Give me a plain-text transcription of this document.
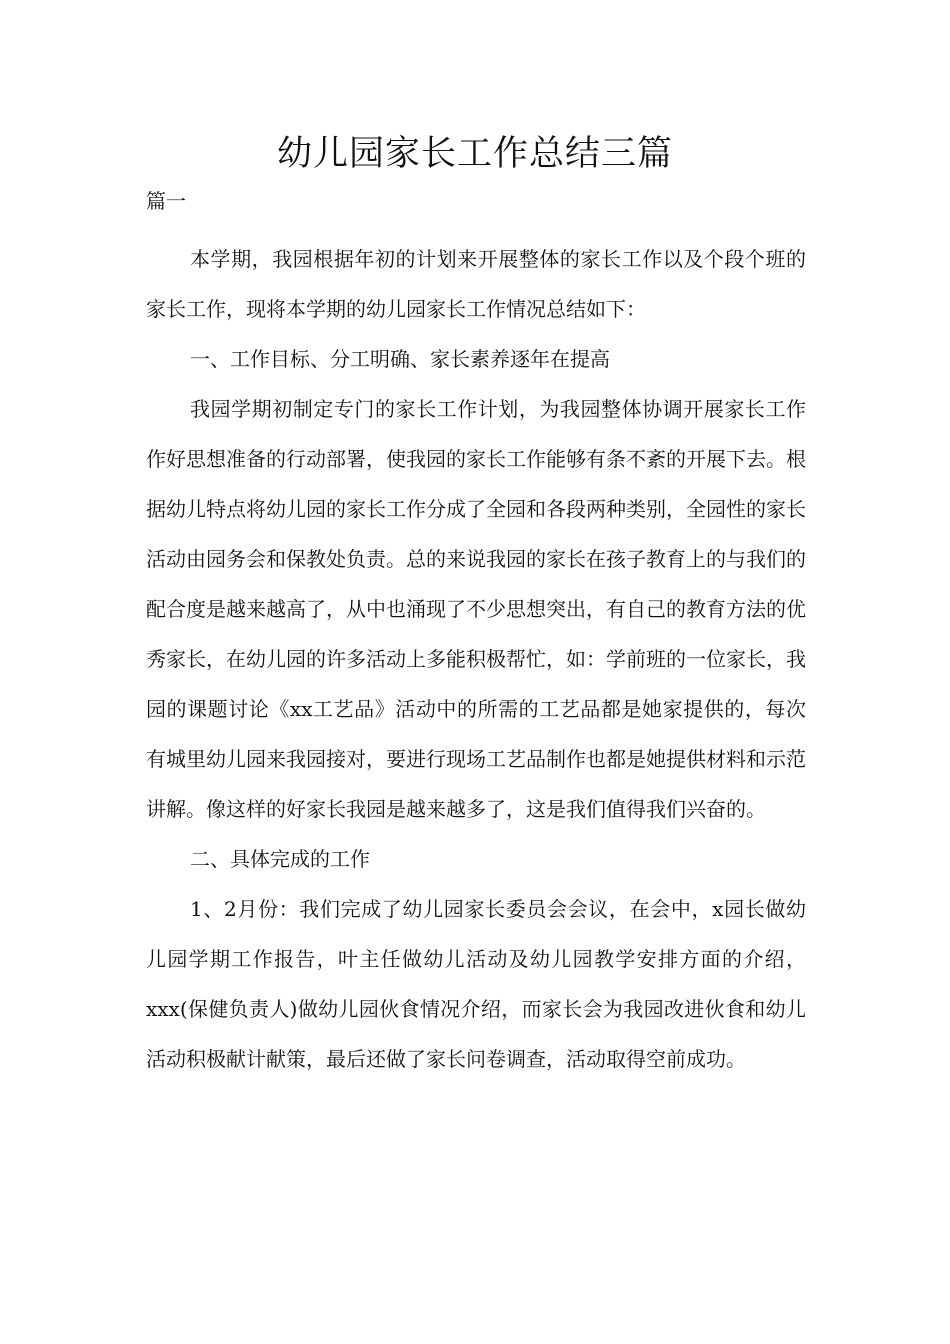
幼儿园家长工作总结三篇
篇一

本学期，我园根据年初的计划来开展整体的家长工作以及个段个班的家长工作，现将本学期的幼儿园家长工作情况总结如下：

一、工作目标、分工明确、家长素养逐年在提高

我园学期初制定专门的家长工作计划，为我园整体协调开展家长工作作好思想准备的行动部署，使我园的家长工作能够有条不紊的开展下去。根据幼儿特点将幼儿园的家长工作分成了全园和各段两种类别，全园性的家长活动由园务会和保教处负责。总的来说我园的家长在孩子教育上的与我们的配合度是越来越高了，从中也涌现了不少思想突出，有自己的教育方法的优秀家长，在幼儿园的许多活动上多能积极帮忙，如：学前班的一位家长，我园的课题讨论《xx工艺品》活动中的所需的工艺品都是她家提供的，每次有城里幼儿园来我园接对，要进行现场工艺品制作也都是她提供材料和示范讲解。像这样的好家长我园是越来越多了，这是我们值得我们兴奋的。

二、具体完成的工作

1、2月份：我们完成了幼儿园家长委员会会议，在会中，x园长做幼儿园学期工作报告，叶主任做幼儿活动及幼儿园教学安排方面的介绍，xxx(保健负责人)做幼儿园伙食情况介绍，而家长会为我园改进伙食和幼儿活动积极献计献策，最后还做了家长问卷调查，活动取得空前成功。
